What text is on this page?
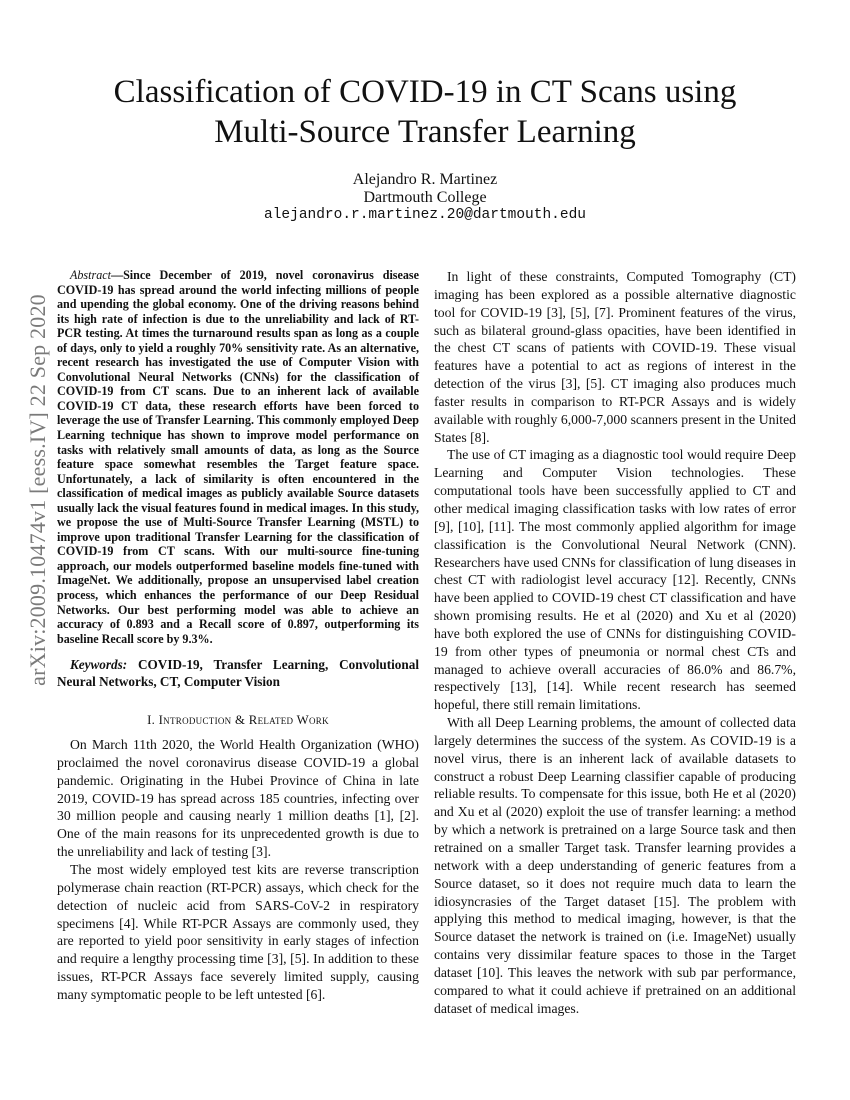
arXiv:2009.10474v1 [eess.IV] 22 Sep 2020
Classification of COVID-19 in CT Scans using
Multi-Source Transfer Learning
Alejandro R. Martinez
Dartmouth College
alejandro.r.martinez.20@dartmouth.edu

Abstract—Since December of 2019, novel coronavirus disease COVID-19 has spread around the world infecting millions of people and upending the global economy. One of the driving reasons behind its high rate of infection is due to the unreliability and lack of RT-PCR testing. At times the turnaround results span as long as a couple of days, only to yield a roughly 70% sensitivity rate. As an alternative, recent research has investigated the use of Computer Vision with Convolutional Neural Networks (CNNs) for the classification of COVID-19 from CT scans. Due to an inherent lack of available COVID-19 CT data, these research efforts have been forced to leverage the use of Transfer Learning. This commonly employed Deep Learning technique has shown to improve model performance on tasks with relatively small amounts of data, as long as the Source feature space somewhat resembles the Target feature space. Unfortunately, a lack of similarity is often encountered in the classification of medical images as publicly available Source datasets usually lack the visual features found in medical images. In this study, we propose the use of Multi-Source Transfer Learning (MSTL) to improve upon traditional Transfer Learning for the classification of COVID-19 from CT scans. With our multi-source fine-tuning approach, our models outperformed baseline models fine-tuned with ImageNet. We additionally, propose an unsupervised label creation process, which enhances the performance of our Deep Residual Networks. Our best performing model was able to achieve an accuracy of 0.893 and a Recall score of 0.897, outperforming its baseline Recall score by 9.3%.

Keywords: COVID-19, Transfer Learning, Convolutional Neural Networks, CT, Computer Vision

I. Introduction & Related Work

On March 11th 2020, the World Health Organization (WHO) proclaimed the novel coronavirus disease COVID-19 a global pandemic. Originating in the Hubei Province of China in late 2019, COVID-19 has spread across 185 countries, infecting over 30 million people and causing nearly 1 million deaths [1], [2]. One of the main reasons for its unprecedented growth is due to the unreliability and lack of testing [3].

The most widely employed test kits are reverse transcription polymerase chain reaction (RT-PCR) assays, which check for the detection of nucleic acid from SARS-CoV-2 in respiratory specimens [4]. While RT-PCR Assays are commonly used, they are reported to yield poor sensitivity in early stages of infection and require a lengthy processing time [3], [5]. In addition to these issues, RT-PCR Assays face severely limited supply, causing many symptomatic people to be left untested [6].

In light of these constraints, Computed Tomography (CT) imaging has been explored as a possible alternative diagnostic tool for COVID-19 [3], [5], [7]. Prominent features of the virus, such as bilateral ground-glass opacities, have been identified in the chest CT scans of patients with COVID-19. These visual features have a potential to act as regions of interest in the detection of the virus [3], [5]. CT imaging also produces much faster results in comparison to RT-PCR Assays and is widely available with roughly 6,000-7,000 scanners present in the United States [8].

The use of CT imaging as a diagnostic tool would require Deep Learning and Computer Vision technologies. These computational tools have been successfully applied to CT and other medical imaging classification tasks with low rates of error [9], [10], [11]. The most commonly applied algorithm for image classification is the Convolutional Neural Network (CNN). Researchers have used CNNs for classification of lung diseases in chest CT with radiologist level accuracy [12]. Recently, CNNs have been applied to COVID-19 chest CT classification and have shown promising results. He et al (2020) and Xu et al (2020) have both explored the use of CNNs for distinguishing COVID-19 from other types of pneumonia or normal chest CTs and managed to achieve overall accuracies of 86.0% and 86.7%, respectively [13], [14]. While recent research has seemed hopeful, there still remain limitations.

With all Deep Learning problems, the amount of collected data largely determines the success of the system. As COVID-19 is a novel virus, there is an inherent lack of available datasets to construct a robust Deep Learning classifier capable of producing reliable results. To compensate for this issue, both He et al (2020) and Xu et al (2020) exploit the use of transfer learning: a method by which a network is pretrained on a large Source task and then retrained on a smaller Target task. Transfer learning provides a network with a deep understanding of generic features from a Source dataset, so it does not require much data to learn the idiosyncrasies of the Target dataset [15]. The problem with applying this method to medical imaging, however, is that the Source dataset the network is trained on (i.e. ImageNet) usually contains very dissimilar feature spaces to those in the Target dataset [10]. This leaves the network with sub par performance, compared to what it could achieve if pretrained on an additional dataset of medical images.
